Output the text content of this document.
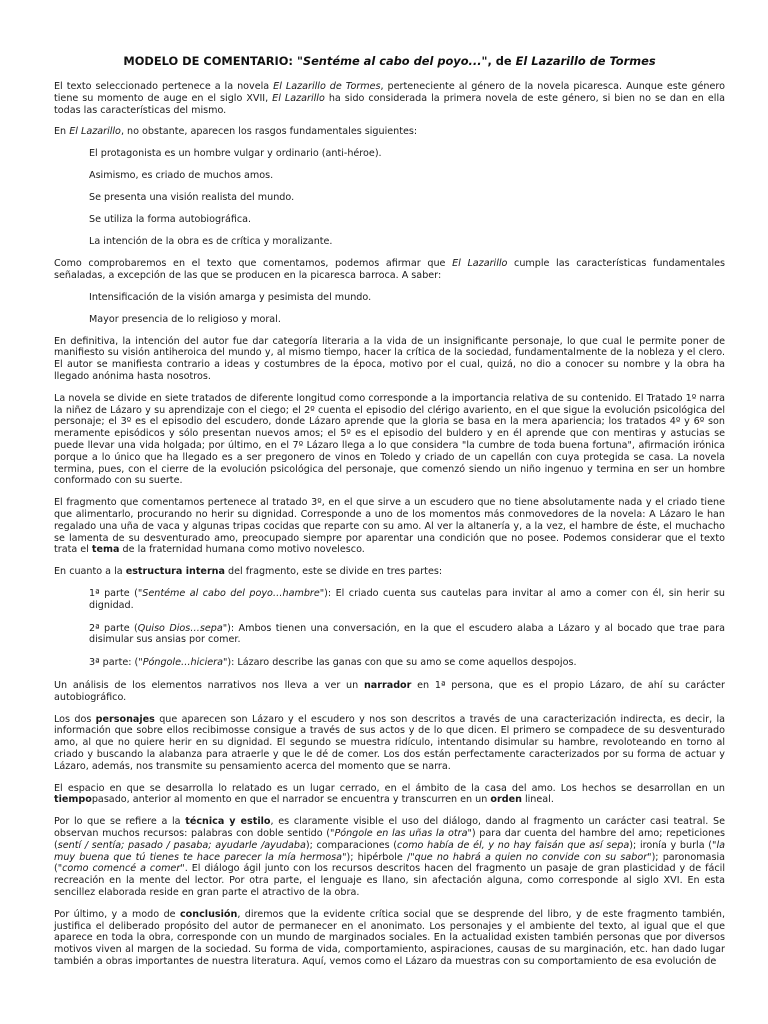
MODELO DE COMENTARIO: "Sentéme al cabo del poyo...", de El Lazarillo de Tormes

El texto seleccionado pertenece a la novela El Lazarillo de Tormes, perteneciente al género de la novela picaresca. Aunque este género tiene su momento de auge en el siglo XVII, El Lazarillo ha sido considerada la primera novela de este género, si bien no se dan en ella todas las características del mismo.

En El Lazarillo, no obstante, aparecen los rasgos fundamentales siguientes:

El protagonista es un hombre vulgar y ordinario (anti-héroe).

Asimismo, es criado de muchos amos.

Se presenta una visión realista del mundo.

Se utiliza la forma autobiográfica.

La intención de la obra es de crítica y moralizante.

Como comprobaremos en el texto que comentamos, podemos afirmar que El Lazarillo cumple las características fundamentales señaladas, a excepción de las que se producen en la picaresca barroca. A saber:

Intensificación de la visión amarga y pesimista del mundo.

Mayor presencia de lo religioso y moral.

En definitiva, la intención del autor fue dar categoría literaria a la vida de un insignificante personaje, lo que cual le permite poner de manifiesto su visión antiheroica del mundo y, al mismo tiempo, hacer la crítica de la sociedad, fundamentalmente de la nobleza y el clero. El autor se manifiesta contrario a ideas y costumbres de la época, motivo por el cual, quizá, no dio a conocer su nombre y la obra ha llegado anónima hasta nosotros.

La novela se divide en siete tratados de diferente longitud como corresponde a la importancia relativa de su contenido. El Tratado 1º narra la niñez de Lázaro y su aprendizaje con el ciego; el 2º cuenta el episodio del clérigo avariento, en el que sigue la evolución psicológica del personaje; el 3º es el episodio del escudero, donde Lázaro aprende que la gloria se basa en la mera apariencia; los tratados 4º y 6º son meramente episódicos y sólo presentan nuevos amos; el 5º es el episodio del buldero y en él aprende que con mentiras y astucias se puede llevar una vida holgada; por último, en el 7º Lázaro llega a lo que considera "la cumbre de toda buena fortuna", afirmación irónica porque a lo único que ha llegado es a ser pregonero de vinos en Toledo y criado de un capellán con cuya protegida se casa. La novela termina, pues, con el cierre de la evolución psicológica del personaje, que comenzó siendo un niño ingenuo y termina en ser un hombre conformado con su suerte.

El fragmento que comentamos pertenece al tratado 3º, en el que sirve a un escudero que no tiene absolutamente nada y el criado tiene que alimentarlo, procurando no herir su dignidad. Corresponde a uno de los momentos más conmovedores de la novela: A Lázaro le han regalado una uña de vaca y algunas tripas cocidas que reparte con su amo. Al ver la altanería y, a la vez, el hambre de éste, el muchacho se lamenta de su desventurado amo, preocupado siempre por aparentar una condición que no posee. Podemos considerar que el texto trata el tema de la fraternidad humana como motivo novelesco.

En cuanto a la estructura interna del fragmento, este se divide en tres partes:

1ª parte ("Sentéme al cabo del poyo…hambre"): El criado cuenta sus cautelas para invitar al amo a comer con él, sin herir su dignidad.

2ª parte (Quiso Dios…sepa"): Ambos tienen una conversación, en la que el escudero alaba a Lázaro y al bocado que trae para disimular sus ansias por comer.

3ª parte: ("Póngole…hiciera"): Lázaro describe las ganas con que su amo se come aquellos despojos.

Un análisis de los elementos narrativos nos lleva a ver un narrador en 1ª persona, que es el propio Lázaro, de ahí su carácter autobiográfico.

Los dos personajes que aparecen son Lázaro y el escudero y nos son descritos a través de una caracterización indirecta, es decir, la información que sobre ellos recibimosse consigue a través de sus actos y de lo que dicen. El primero se compadece de su desventurado amo, al que no quiere herir en su dignidad. El segundo se muestra ridículo, intentando disimular su hambre, revoloteando en torno al criado y buscando la alabanza para atraerle y que le dé de comer. Los dos están perfectamente caracterizados por su forma de actuar y Lázaro, además, nos transmite su pensamiento acerca del momento que se narra.

El espacio en que se desarrolla lo relatado es un lugar cerrado, en el ámbito de la casa del amo. Los hechos se desarrollan en un tiempopasado, anterior al momento en que el narrador se encuentra y transcurren en un orden lineal.

Por lo que se refiere a la técnica y estilo, es claramente visible el uso del diálogo, dando al fragmento un carácter casi teatral. Se observan muchos recursos: palabras con doble sentido ("Póngole en las uñas la otra") para dar cuenta del hambre del amo; repeticiones (sentí / sentía; pasado / pasaba; ayudarle /ayudaba); comparaciones (como había de él, y no hay faisán que así sepa); ironía y burla ("la muy buena que tú tienes te hace parecer la mía hermosa"); hipérbole /"que no habrá a quien no convide con su sabor"); paronomasia ("como comencé a comer". El diálogo ágil junto con los recursos descritos hacen del fragmento un pasaje de gran plasticidad y de fácil recreación en la mente del lector. Por otra parte, el lenguaje es llano, sin afectación alguna, como corresponde al siglo XVI. En esta sencillez elaborada reside en gran parte el atractivo de la obra.

Por último, y a modo de conclusión, diremos que la evidente crítica social que se desprende del libro, y de este fragmento también, justifica el deliberado propósito del autor de permanecer en el anonimato. Los personajes y el ambiente del texto, al igual que el que aparece en toda la obra, corresponde con un mundo de marginados sociales. En la actualidad existen también personas que por diversos motivos viven al margen de la sociedad. Su forma de vida, comportamiento, aspiraciones, causas de su marginación, etc. han dado lugar también a obras importantes de nuestra literatura. Aquí, vemos como el Lázaro da muestras con su comportamiento de esa evolución de
